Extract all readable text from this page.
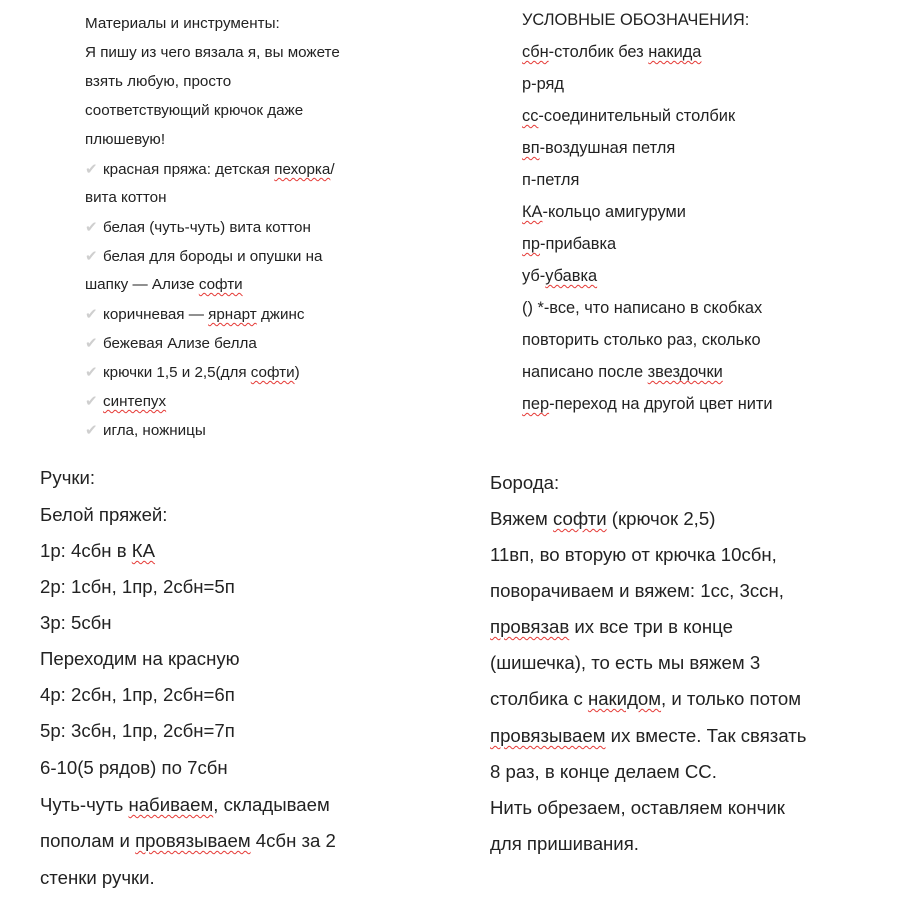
Материалы и инструменты:
Я пишу из чего вязала я, вы можете
взять любую, просто
соответствующий крючок даже
плюшевую!
✔ красная пряжа: детская пехорка/
вита коттон
✔ белая (чуть-чуть) вита коттон
✔ белая для бороды и опушки на
шапку — Ализе софти
✔ коричневая — ярнарт джинс
✔ бежевая Ализе белла
✔ крючки 1,5 и 2,5(для софти)
✔ синтепух
✔ игла, ножницы
УСЛОВНЫЕ ОБОЗНАЧЕНИЯ:
сбн-столбик без накида
р-ряд
сс-соединительный столбик
вп-воздушная петля
п-петля
КА-кольцо амигуруми
пр-прибавка
уб-убавка
() *-все, что написано в скобках
повторить столько раз, сколько
написано после звездочки
пер-переход на другой цвет нити
Ручки:
Белой пряжей:
1р: 4сбн в КА
2р: 1сбн, 1пр, 2сбн=5п
3р: 5сбн
Переходим на красную
4р: 2сбн, 1пр, 2сбн=6п
5р: 3сбн, 1пр, 2сбн=7п
6-10(5 рядов) по 7сбн
Чуть-чуть набиваем, складываем
пополам и провязываем 4сбн за 2
стенки ручки.
Борода:
Вяжем софти (крючок 2,5)
11вп, во вторую от крючка 10сбн,
поворачиваем и вяжем: 1сс, 3ссн,
провязав их все три в конце
(шишечка), то есть мы вяжем 3
столбика с накидом, и только потом
провязываем их вместе. Так связать
8 раз, в конце делаем СС.
Нить обрезаем, оставляем кончик
для пришивания.
